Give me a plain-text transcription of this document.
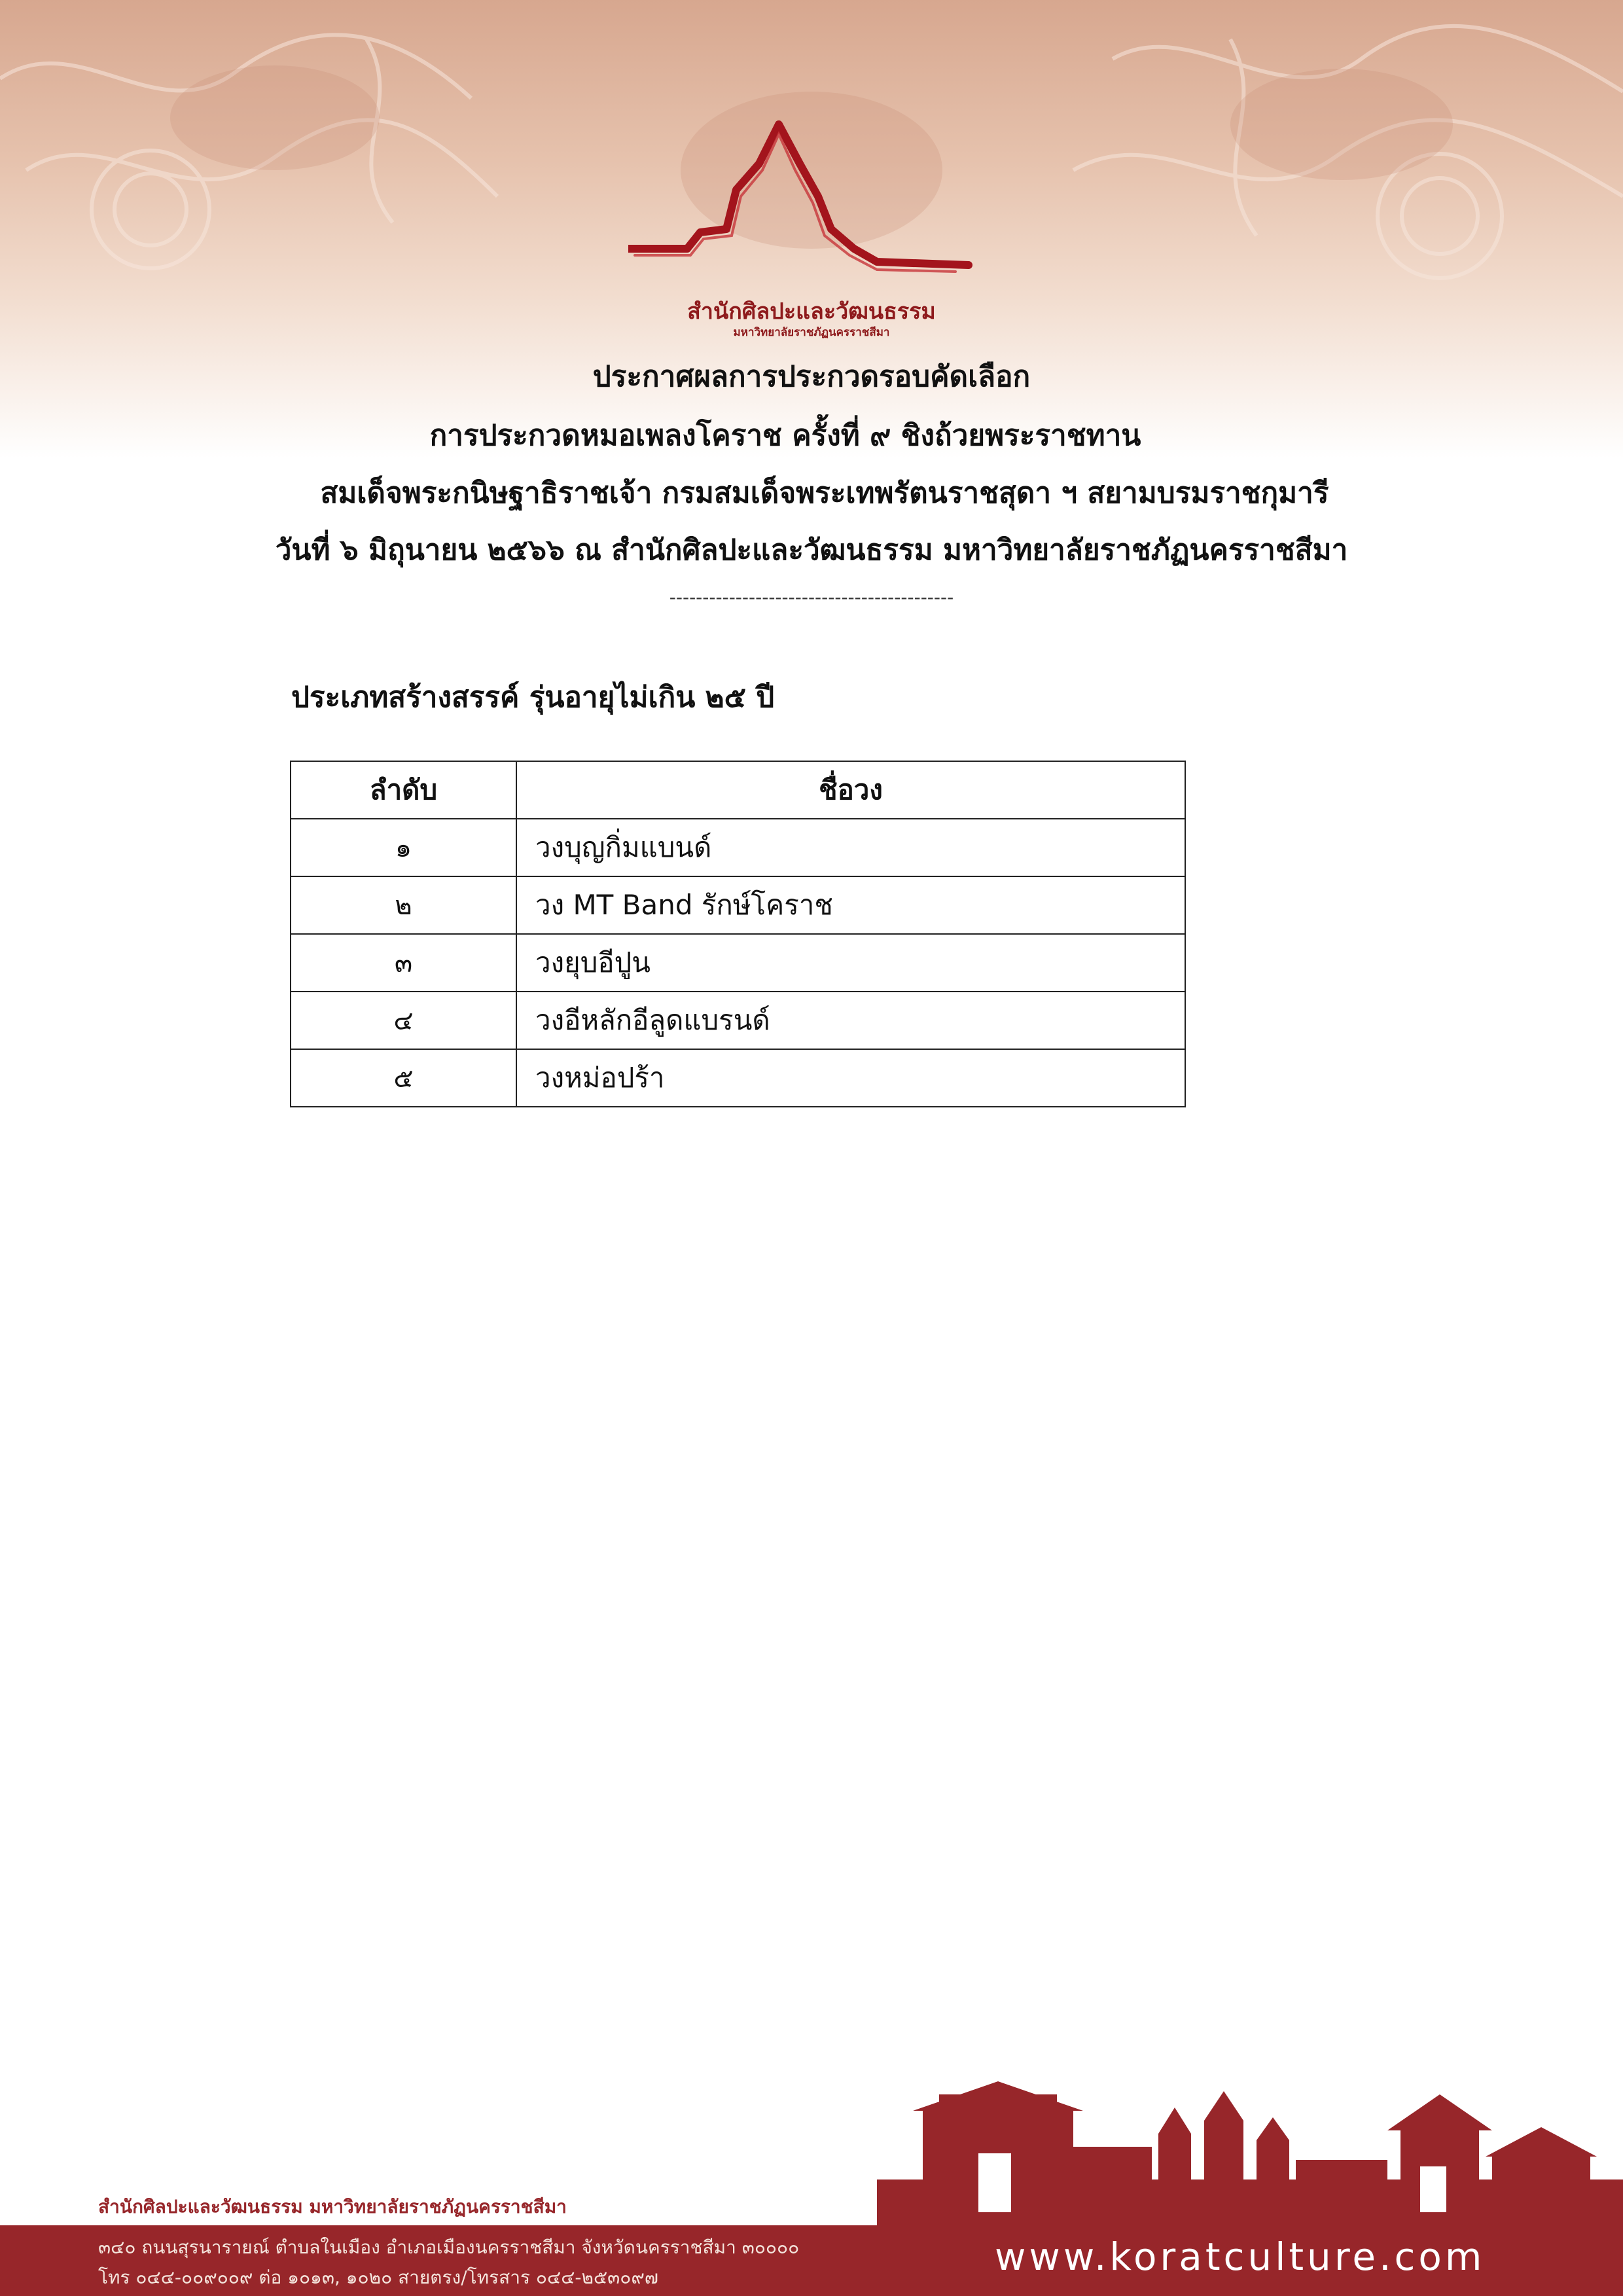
สำนักศิลปะและวัฒนธรรม
มหาวิทยาลัยราชภัฏนครราชสีมา
ประกาศผลการประกวดรอบคัดเลือก
การประกวดหมอเพลงโคราช ครั้งที่ ๙ ชิงถ้วยพระราชทาน
สมเด็จพระกนิษฐาธิราชเจ้า กรมสมเด็จพระเทพรัตนราชสุดา ฯ สยามบรมราชกุมารี
วันที่ ๖ มิถุนายน ๒๕๖๖ ณ สำนักศิลปะและวัฒนธรรม มหาวิทยาลัยราชภัฏนครราชสีมา
-------------------------------------------
ประเภทสร้างสรรค์ รุ่นอายุไม่เกิน ๒๕ ปี
ลำดับ	ชื่อวง
๑	วงบุญกิ่มแบนด์
๒	วง MT Band รักษ์โคราช
๓	วงยุบอีปูน
๔	วงอีหลักอีลูดแบรนด์
๕	วงหม่อปร้า
สำนักศิลปะและวัฒนธรรม มหาวิทยาลัยราชภัฏนครราชสีมา
๓๔๐ ถนนสุรนารายณ์ ตำบลในเมือง อำเภอเมืองนครราชสีมา จังหวัดนครราชสีมา ๓๐๐๐๐
โทร ๐๔๔-๐๐๙๐๐๙ ต่อ ๑๐๑๓, ๑๐๒๐ สายตรง/โทรสาร ๐๔๔-๒๕๓๐๙๗	www.koratculture.com
